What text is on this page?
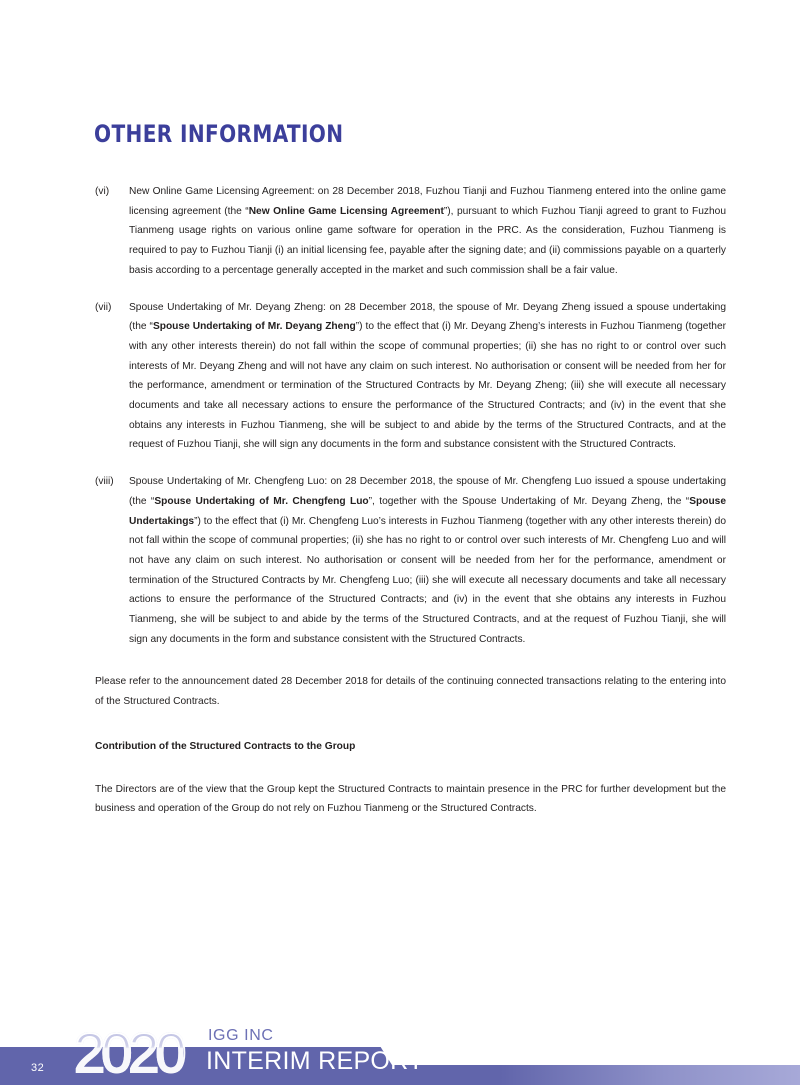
OTHER INFORMATION
(vi)	New Online Game Licensing Agreement: on 28 December 2018, Fuzhou Tianji and Fuzhou Tianmeng entered into the online game licensing agreement (the “New Online Game Licensing Agreement”), pursuant to which Fuzhou Tianji agreed to grant to Fuzhou Tianmeng usage rights on various online game software for operation in the PRC. As the consideration, Fuzhou Tianmeng is required to pay to Fuzhou Tianji (i) an initial licensing fee, payable after the signing date; and (ii) commissions payable on a quarterly basis according to a percentage generally accepted in the market and such commission shall be a fair value.
(vii)	Spouse Undertaking of Mr. Deyang Zheng: on 28 December 2018, the spouse of Mr. Deyang Zheng issued a spouse undertaking (the “Spouse Undertaking of Mr. Deyang Zheng”) to the effect that (i) Mr. Deyang Zheng’s interests in Fuzhou Tianmeng (together with any other interests therein) do not fall within the scope of communal properties; (ii) she has no right to or control over such interests of Mr. Deyang Zheng and will not have any claim on such interest. No authorisation or consent will be needed from her for the performance, amendment or termination of the Structured Contracts by Mr. Deyang Zheng; (iii) she will execute all necessary documents and take all necessary actions to ensure the performance of the Structured Contracts; and (iv) in the event that she obtains any interests in Fuzhou Tianmeng, she will be subject to and abide by the terms of the Structured Contracts, and at the request of Fuzhou Tianji, she will sign any documents in the form and substance consistent with the Structured Contracts.
(viii)	Spouse Undertaking of Mr. Chengfeng Luo: on 28 December 2018, the spouse of Mr. Chengfeng Luo issued a spouse undertaking (the “Spouse Undertaking of Mr. Chengfeng Luo”, together with the Spouse Undertaking of Mr. Deyang Zheng, the “Spouse Undertakings”) to the effect that (i) Mr. Chengfeng Luo’s interests in Fuzhou Tianmeng (together with any other interests therein) do not fall within the scope of communal properties; (ii) she has no right to or control over such interests of Mr. Chengfeng Luo and will not have any claim on such interest. No authorisation or consent will be needed from her for the performance, amendment or termination of the Structured Contracts by Mr. Chengfeng Luo; (iii) she will execute all necessary documents and take all necessary actions to ensure the performance of the Structured Contracts; and (iv) in the event that she obtains any interests in Fuzhou Tianmeng, she will be subject to and abide by the terms of the Structured Contracts, and at the request of Fuzhou Tianji, she will sign any documents in the form and substance consistent with the Structured Contracts.

Please refer to the announcement dated 28 December 2018 for details of the continuing connected transactions relating to the entering into of the Structured Contracts.

Contribution of the Structured Contracts to the Group

The Directors are of the view that the Group kept the Structured Contracts to maintain presence in the PRC for further development but the business and operation of the Group do not rely on Fuzhou Tianmeng or the Structured Contracts.

2020
32
IGG INC
INTERIM REPORT
